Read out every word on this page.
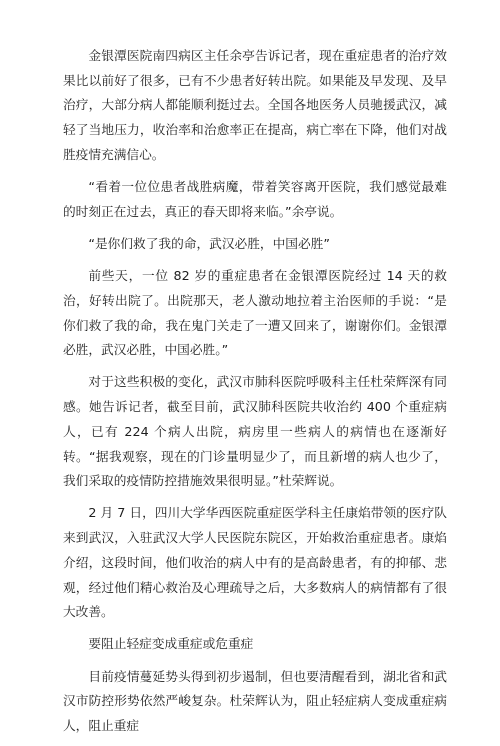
金银潭医院南四病区主任余亭告诉记者，现在重症患者的治疗效果比以前好了很多，已有不少患者好转出院。如果能及早发现、及早治疗，大部分病人都能顺利挺过去。全国各地医务人员驰援武汉，减轻了当地压力，收治率和治愈率正在提高，病亡率在下降，他们对战胜疫情充满信心。

“看着一位位患者战胜病魔，带着笑容离开医院，我们感觉最难的时刻正在过去，真正的春天即将来临。”余亭说。

“是你们救了我的命，武汉必胜，中国必胜”

前些天，一位 82 岁的重症患者在金银潭医院经过 14 天的救治，好转出院了。出院那天，老人激动地拉着主治医师的手说：“是你们救了我的命，我在鬼门关走了一遭又回来了，谢谢你们。金银潭必胜，武汉必胜，中国必胜。”

对于这些积极的变化，武汉市肺科医院呼吸科主任杜荣辉深有同感。她告诉记者，截至目前，武汉肺科医院共收治约 400 个重症病人，已有 224 个病人出院，病房里一些病人的病情也在逐渐好转。“据我观察，现在的门诊量明显少了，而且新增的病人也少了，我们采取的疫情防控措施效果很明显。”杜荣辉说。

2 月 7 日，四川大学华西医院重症医学科主任康焰带领的医疗队来到武汉，入驻武汉大学人民医院东院区，开始救治重症患者。康焰介绍，这段时间，他们收治的病人中有的是高龄患者，有的抑郁、悲观，经过他们精心救治及心理疏导之后，大多数病人的病情都有了很大改善。

要阻止轻症变成重症或危重症

目前疫情蔓延势头得到初步遏制，但也要清醒看到，湖北省和武汉市防控形势依然严峻复杂。杜荣辉认为，阻止轻症病人变成重症病人，阻止重症
